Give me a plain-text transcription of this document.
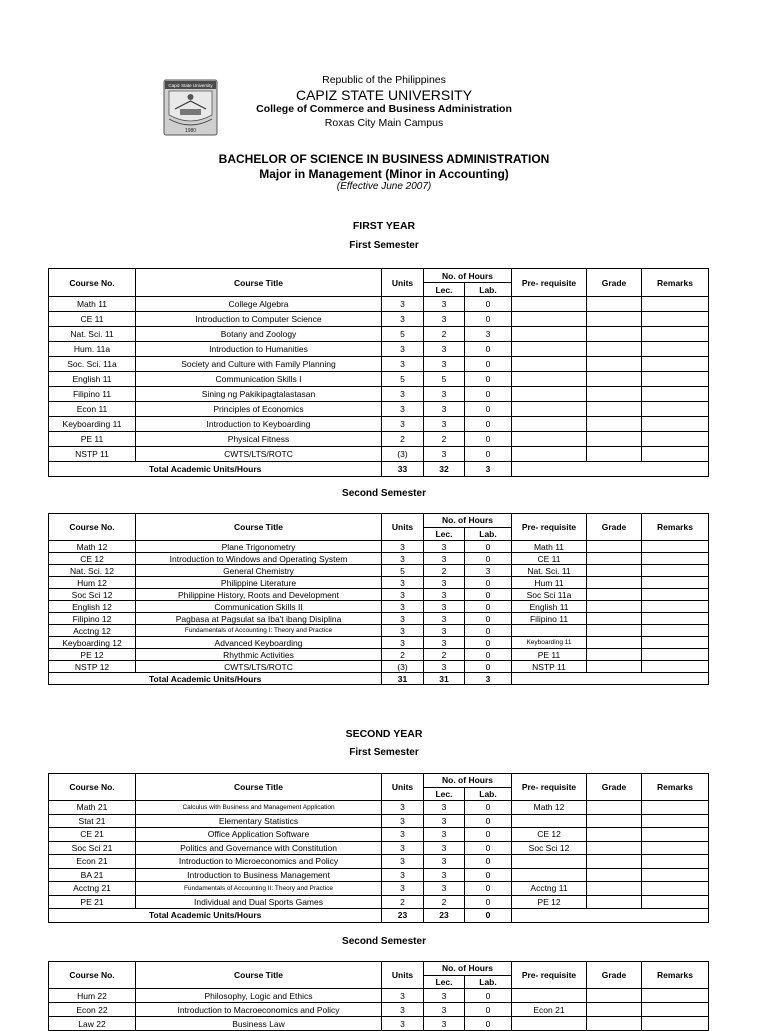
Capiz State University
1980
Republic of the Philippines
CAPIZ STATE UNIVERSITY
College of Commerce and Business Administration
Roxas City Main Campus
BACHELOR OF SCIENCE IN BUSINESS ADMINISTRATION
Major in Management (Minor in Accounting)
(Effective June 2007)
FIRST YEAR
First Semester
Course No.	Course Title	Units	No. of Hours		Pre- requisite	Grade	Remarks
			Lec.	Lab.			
Math 11	College Algebra	3	3	0			
CE 11	Introduction to Computer Science	3	3	0			
Nat. Sci. 11	Botany and Zoology	5	2	3			
Hum. 11a	Introduction to Humanities	3	3	0			
Soc. Sci. 11a	Society and Culture with Family Planning	3	3	0			
English 11	Communication Skills I	5	5	0			
Filipino 11	Sining ng Pakikipagtalastasan	3	3	0			
Econ 11	Principles of Economics	3	3	0			
Keyboarding 11	Introduction to Keyboarding	3	3	0			
PE 11	Physical Fitness	2	2	0			
NSTP 11	CWTS/LTS/ROTC	(3)	3	0			
Total Academic Units/Hours		33	32	3			
Second Semester
Course No.	Course Title	Units	No. of Hours		Pre- requisite	Grade	Remarks
			Lec.	Lab.			
Math 12	Plane Trigonometry	3	3	0	Math 11		
CE 12	Introduction to Windows and Operating System	3	3	0	CE 11		
Nat. Sci. 12	General Chemistry	5	2	3	Nat. Sci. 11		
Hum 12	Philippine Literature	3	3	0	Hum 11		
Soc Sci 12	Philippine History, Roots and Development	3	3	0	Soc Sci 11a		
English 12	Communication Skills II	3	3	0	English 11		
Filipino 12	Pagbasa at Pagsulat sa Iba't ibang Disiplina	3	3	0	Filipino 11		
Acctng 12	Fundamentals of Accounting I: Theory and Practice	3	3	0			
Keyboarding 12	Advanced Keyboarding	3	3	0	Keyboarding 11		
PE 12	Rhythmic Activities	2	2	0	PE 11		
NSTP 12	CWTS/LTS/ROTC	(3)	3	0	NSTP 11		
Total Academic Units/Hours		31	31	3			
SECOND YEAR
First Semester
Course No.	Course Title	Units	No. of Hours		Pre- requisite	Grade	Remarks
			Lec.	Lab.			
Math 21	Calculus with Business and Management Application	3	3	0	Math 12		
Stat 21	Elementary Statistics	3	3	0			
CE 21	Office Application Software	3	3	0	CE 12		
Soc Sci 21	Politics and Governance with Constitution	3	3	0	Soc Sci 12		
Econ 21	Introduction to Microeconomics and Policy	3	3	0			
BA 21	Introduction to Business Management	3	3	0			
Acctng 21	Fundamentals of Accounting II: Theory and Practice	3	3	0	Acctng 11		
PE 21	Individual and Dual Sports Games	2	2	0	PE 12		
Total Academic Units/Hours		23	23	0			
Second Semester
Course No.	Course Title	Units	No. of Hours		Pre- requisite	Grade	Remarks
			Lec.	Lab.			
Hum 22	Philosophy, Logic and Ethics	3	3	0			
Econ 22	Introduction to Macroeconomics and Policy	3	3	0	Econ 21		
Law 22	Business Law	3	3	0			
